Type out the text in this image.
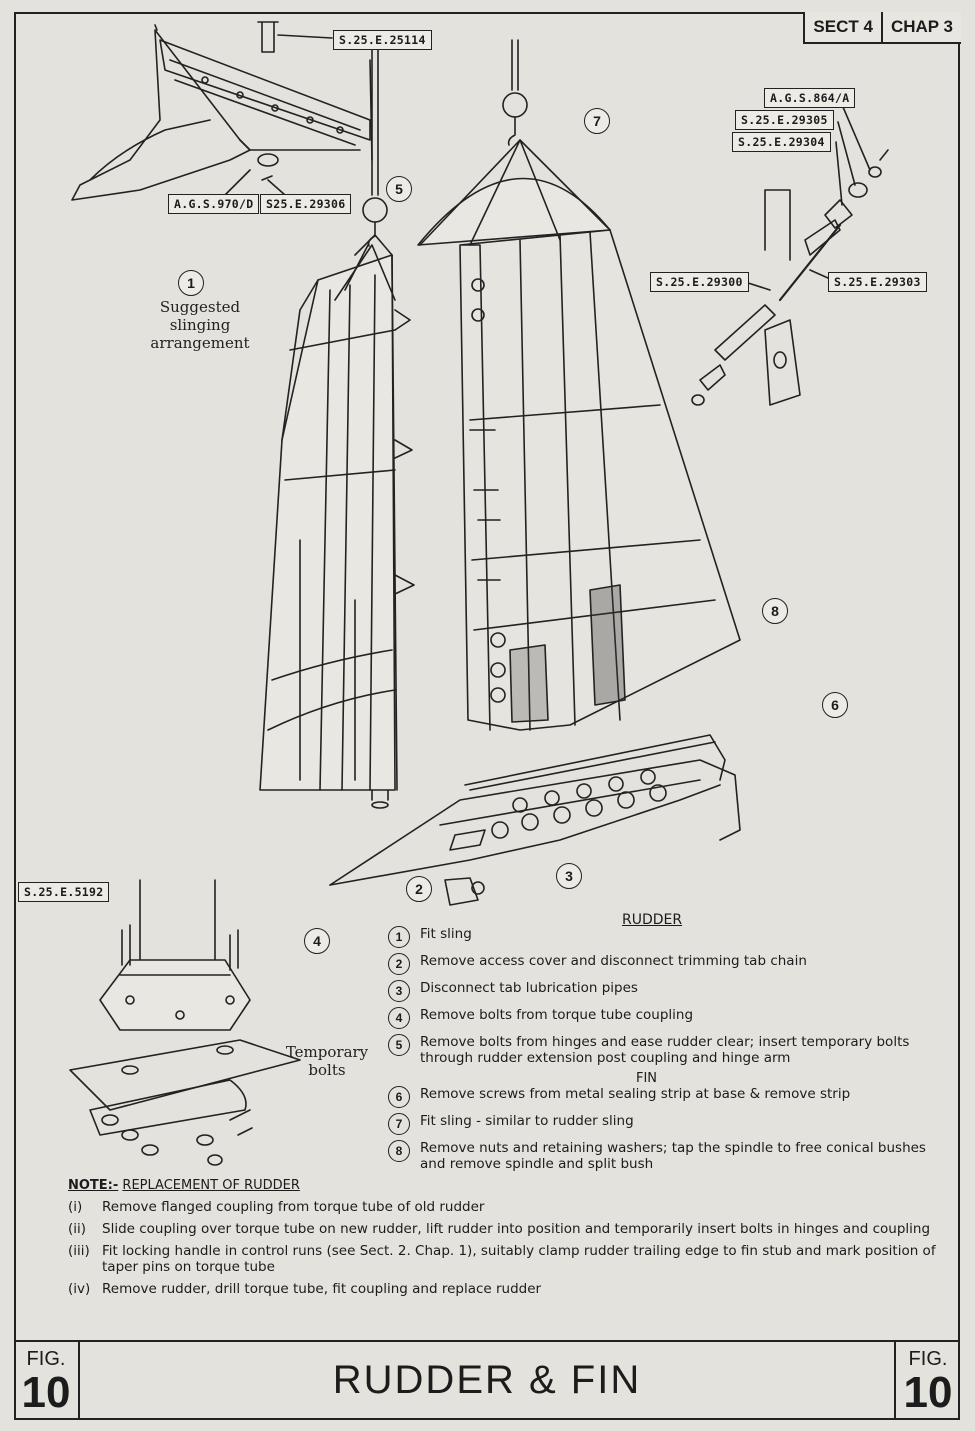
SECT 4	CHAP 3
S.25.E.25114
A.G.S.970/D	S25.E.29306
A.G.S.864/A
S.25.E.29305
S.25.E.29304
S.25.E.29300	S.25.E.29303
S.25.E.5192
Suggested
slinging arrangement
Temporary
bolts
1
2
3
4
5
6
7
8
RUDDER
1	Fit sling
2	Remove access cover and disconnect trimming tab chain
3	Disconnect tab lubrication pipes
4	Remove bolts from torque tube coupling
5	Remove bolts from hinges and ease rudder clear; insert temporary bolts through rudder extension post coupling and hinge arm
FIN
6	Remove screws from metal sealing strip at base & remove strip
7	Fit sling - similar to rudder sling
8	Remove nuts and retaining washers; tap the spindle to free conical bushes and remove spindle and split bush
NOTE:- REPLACEMENT OF RUDDER
(i)	Remove flanged coupling from torque tube of old rudder
(ii)	Slide coupling over torque tube on new rudder, lift rudder into position and temporarily insert bolts in hinges and coupling
(iii) Fit locking handle in control runs (see Sect. 2. Chap. 1), suitably clamp rudder trailing edge to fin stub and mark position of taper pins on torque tube
(iv) Remove rudder, drill torque tube, fit coupling and replace rudder
FIG.
10	RUDDER & FIN	FIG.
10
